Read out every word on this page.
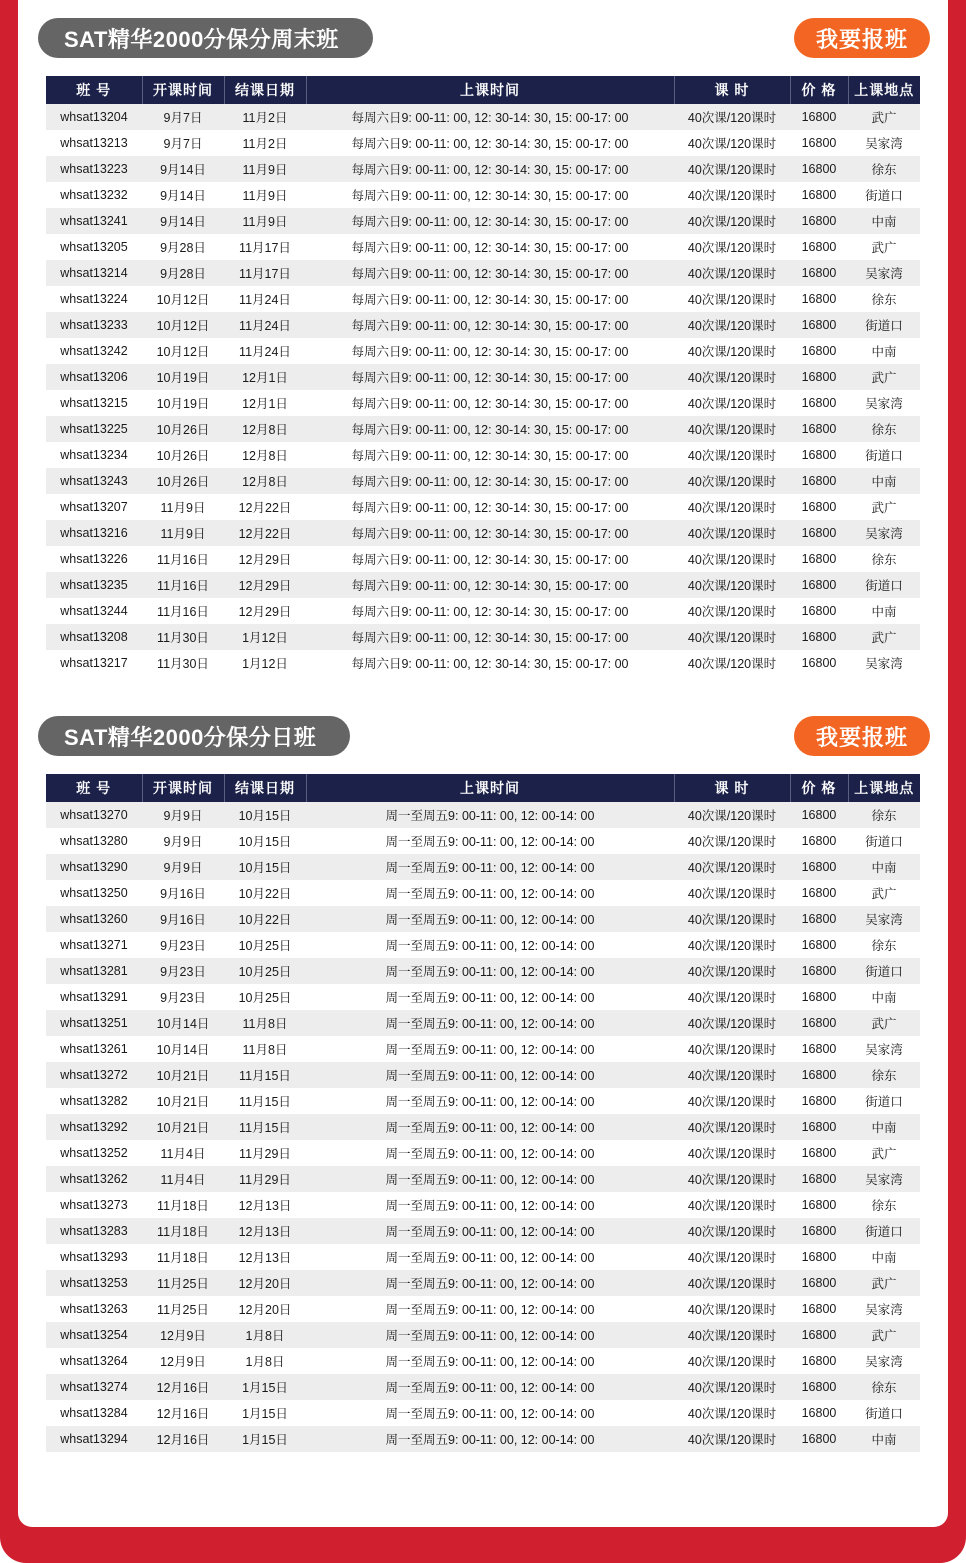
SAT精华2000分保分周末班	我要报班
班 号	开课时间	结课日期	上课时间	课 时	价 格	上课地点
whsat13204	9月7日	11月2日	每周六日9: 00-11: 00, 12: 30-14: 30, 15: 00-17: 00	40次课/120课时	16800	武广
whsat13213	9月7日	11月2日	每周六日9: 00-11: 00, 12: 30-14: 30, 15: 00-17: 00	40次课/120课时	16800	吴家湾
whsat13223	9月14日	11月9日	每周六日9: 00-11: 00, 12: 30-14: 30, 15: 00-17: 00	40次课/120课时	16800	徐东
whsat13232	9月14日	11月9日	每周六日9: 00-11: 00, 12: 30-14: 30, 15: 00-17: 00	40次课/120课时	16800	街道口
whsat13241	9月14日	11月9日	每周六日9: 00-11: 00, 12: 30-14: 30, 15: 00-17: 00	40次课/120课时	16800	中南
whsat13205	9月28日	11月17日	每周六日9: 00-11: 00, 12: 30-14: 30, 15: 00-17: 00	40次课/120课时	16800	武广
whsat13214	9月28日	11月17日	每周六日9: 00-11: 00, 12: 30-14: 30, 15: 00-17: 00	40次课/120课时	16800	吴家湾
whsat13224	10月12日	11月24日	每周六日9: 00-11: 00, 12: 30-14: 30, 15: 00-17: 00	40次课/120课时	16800	徐东
whsat13233	10月12日	11月24日	每周六日9: 00-11: 00, 12: 30-14: 30, 15: 00-17: 00	40次课/120课时	16800	街道口
whsat13242	10月12日	11月24日	每周六日9: 00-11: 00, 12: 30-14: 30, 15: 00-17: 00	40次课/120课时	16800	中南
whsat13206	10月19日	12月1日	每周六日9: 00-11: 00, 12: 30-14: 30, 15: 00-17: 00	40次课/120课时	16800	武广
whsat13215	10月19日	12月1日	每周六日9: 00-11: 00, 12: 30-14: 30, 15: 00-17: 00	40次课/120课时	16800	吴家湾
whsat13225	10月26日	12月8日	每周六日9: 00-11: 00, 12: 30-14: 30, 15: 00-17: 00	40次课/120课时	16800	徐东
whsat13234	10月26日	12月8日	每周六日9: 00-11: 00, 12: 30-14: 30, 15: 00-17: 00	40次课/120课时	16800	街道口
whsat13243	10月26日	12月8日	每周六日9: 00-11: 00, 12: 30-14: 30, 15: 00-17: 00	40次课/120课时	16800	中南
whsat13207	11月9日	12月22日	每周六日9: 00-11: 00, 12: 30-14: 30, 15: 00-17: 00	40次课/120课时	16800	武广
whsat13216	11月9日	12月22日	每周六日9: 00-11: 00, 12: 30-14: 30, 15: 00-17: 00	40次课/120课时	16800	吴家湾
whsat13226	11月16日	12月29日	每周六日9: 00-11: 00, 12: 30-14: 30, 15: 00-17: 00	40次课/120课时	16800	徐东
whsat13235	11月16日	12月29日	每周六日9: 00-11: 00, 12: 30-14: 30, 15: 00-17: 00	40次课/120课时	16800	街道口
whsat13244	11月16日	12月29日	每周六日9: 00-11: 00, 12: 30-14: 30, 15: 00-17: 00	40次课/120课时	16800	中南
whsat13208	11月30日	1月12日	每周六日9: 00-11: 00, 12: 30-14: 30, 15: 00-17: 00	40次课/120课时	16800	武广
whsat13217	11月30日	1月12日	每周六日9: 00-11: 00, 12: 30-14: 30, 15: 00-17: 00	40次课/120课时	16800	吴家湾
SAT精华2000分保分日班	我要报班
班 号	开课时间	结课日期	上课时间	课 时	价 格	上课地点
whsat13270	9月9日	10月15日	周一至周五9: 00-11: 00, 12: 00-14: 00	40次课/120课时	16800	徐东
whsat13280	9月9日	10月15日	周一至周五9: 00-11: 00, 12: 00-14: 00	40次课/120课时	16800	街道口
whsat13290	9月9日	10月15日	周一至周五9: 00-11: 00, 12: 00-14: 00	40次课/120课时	16800	中南
whsat13250	9月16日	10月22日	周一至周五9: 00-11: 00, 12: 00-14: 00	40次课/120课时	16800	武广
whsat13260	9月16日	10月22日	周一至周五9: 00-11: 00, 12: 00-14: 00	40次课/120课时	16800	吴家湾
whsat13271	9月23日	10月25日	周一至周五9: 00-11: 00, 12: 00-14: 00	40次课/120课时	16800	徐东
whsat13281	9月23日	10月25日	周一至周五9: 00-11: 00, 12: 00-14: 00	40次课/120课时	16800	街道口
whsat13291	9月23日	10月25日	周一至周五9: 00-11: 00, 12: 00-14: 00	40次课/120课时	16800	中南
whsat13251	10月14日	11月8日	周一至周五9: 00-11: 00, 12: 00-14: 00	40次课/120课时	16800	武广
whsat13261	10月14日	11月8日	周一至周五9: 00-11: 00, 12: 00-14: 00	40次课/120课时	16800	吴家湾
whsat13272	10月21日	11月15日	周一至周五9: 00-11: 00, 12: 00-14: 00	40次课/120课时	16800	徐东
whsat13282	10月21日	11月15日	周一至周五9: 00-11: 00, 12: 00-14: 00	40次课/120课时	16800	街道口
whsat13292	10月21日	11月15日	周一至周五9: 00-11: 00, 12: 00-14: 00	40次课/120课时	16800	中南
whsat13252	11月4日	11月29日	周一至周五9: 00-11: 00, 12: 00-14: 00	40次课/120课时	16800	武广
whsat13262	11月4日	11月29日	周一至周五9: 00-11: 00, 12: 00-14: 00	40次课/120课时	16800	吴家湾
whsat13273	11月18日	12月13日	周一至周五9: 00-11: 00, 12: 00-14: 00	40次课/120课时	16800	徐东
whsat13283	11月18日	12月13日	周一至周五9: 00-11: 00, 12: 00-14: 00	40次课/120课时	16800	街道口
whsat13293	11月18日	12月13日	周一至周五9: 00-11: 00, 12: 00-14: 00	40次课/120课时	16800	中南
whsat13253	11月25日	12月20日	周一至周五9: 00-11: 00, 12: 00-14: 00	40次课/120课时	16800	武广
whsat13263	11月25日	12月20日	周一至周五9: 00-11: 00, 12: 00-14: 00	40次课/120课时	16800	吴家湾
whsat13254	12月9日	1月8日	周一至周五9: 00-11: 00, 12: 00-14: 00	40次课/120课时	16800	武广
whsat13264	12月9日	1月8日	周一至周五9: 00-11: 00, 12: 00-14: 00	40次课/120课时	16800	吴家湾
whsat13274	12月16日	1月15日	周一至周五9: 00-11: 00, 12: 00-14: 00	40次课/120课时	16800	徐东
whsat13284	12月16日	1月15日	周一至周五9: 00-11: 00, 12: 00-14: 00	40次课/120课时	16800	街道口
whsat13294	12月16日	1月15日	周一至周五9: 00-11: 00, 12: 00-14: 00	40次课/120课时	16800	中南
